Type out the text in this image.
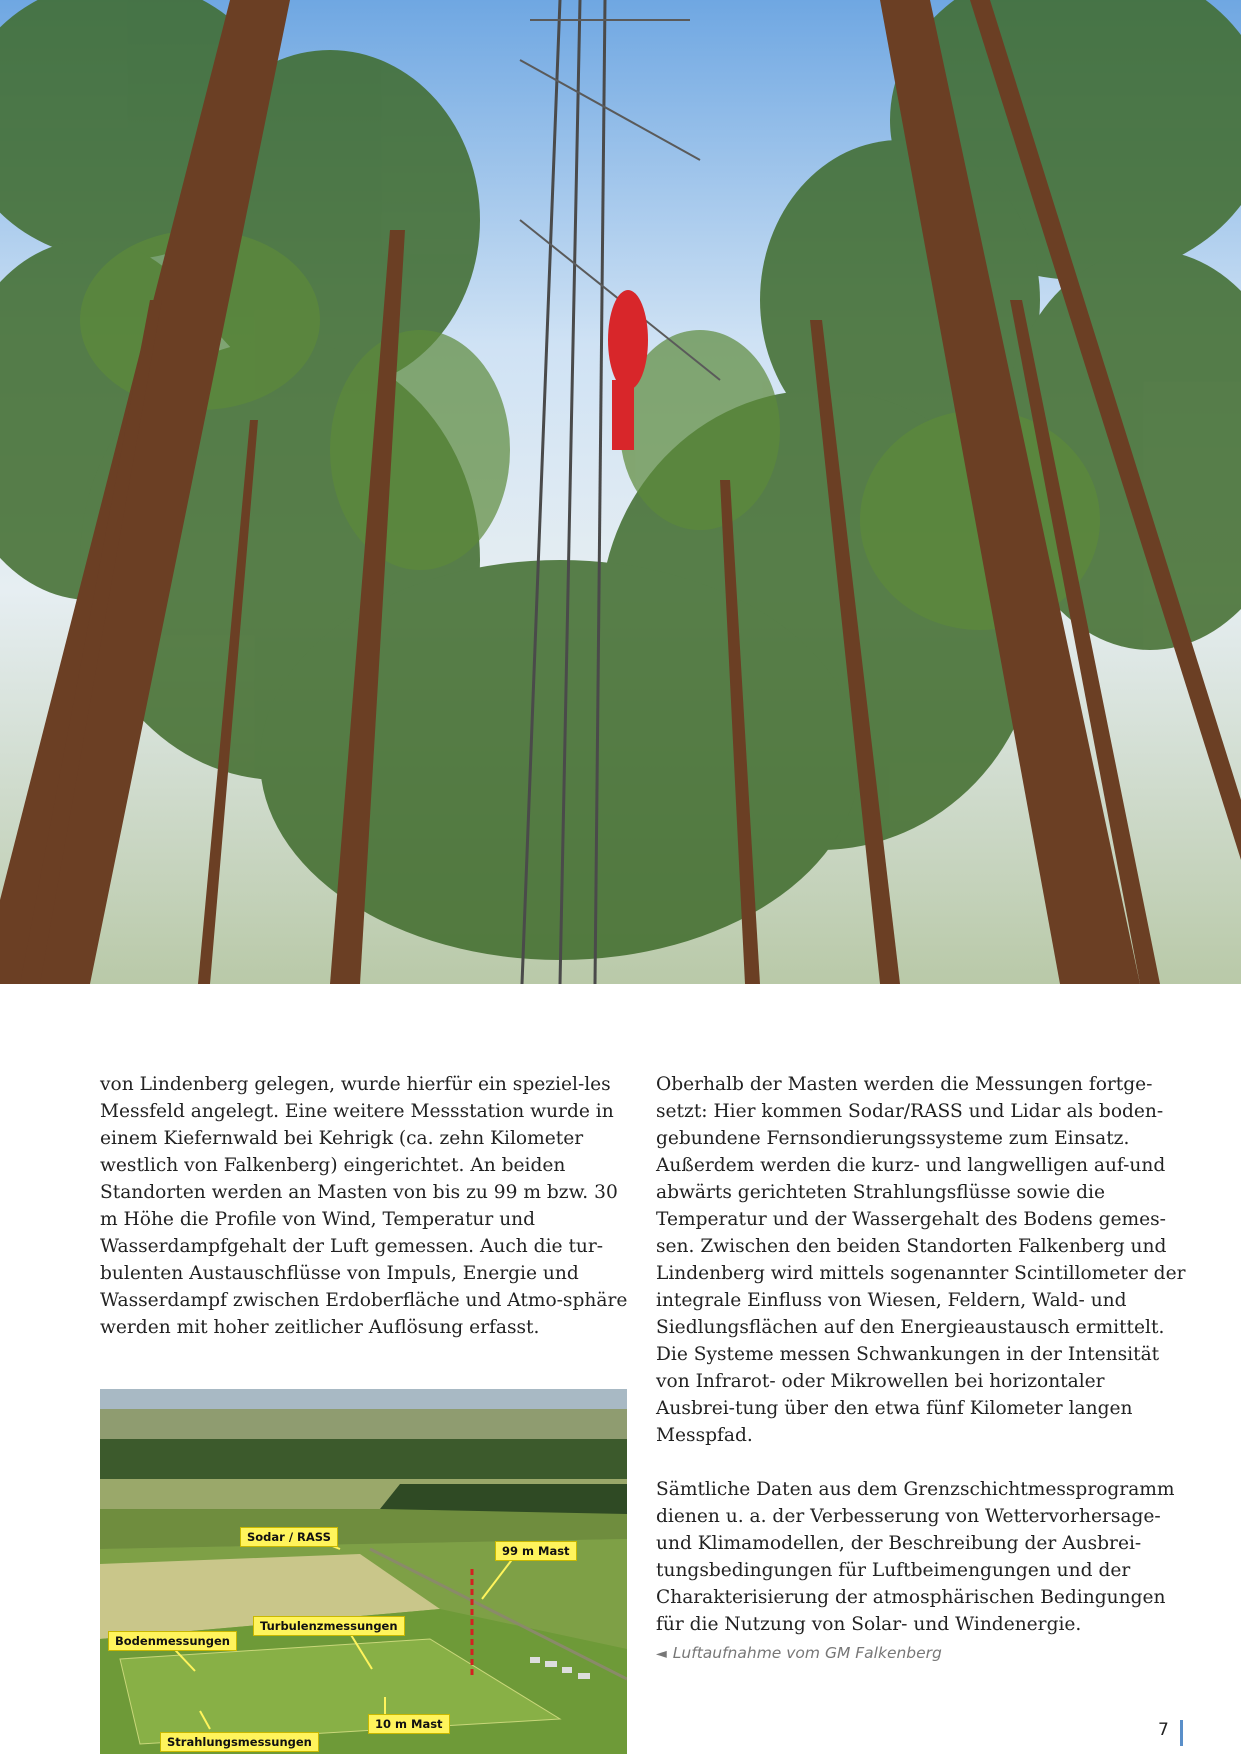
von Lindenberg gelegen, wurde hierfür ein speziel-les Messfeld angelegt. Eine weitere Messstation wurde in einem Kiefernwald bei Kehrigk (ca. zehn Kilometer westlich von Falkenberg) eingerichtet. An beiden Standorten werden an Masten von bis zu 99 m bzw. 30 m Höhe die Profile von Wind, Temperatur und Wasserdampfgehalt der Luft gemessen. Auch die tur-bulenten Austauschflüsse von Impuls, Energie und Wasserdampf zwischen Erdoberfläche und Atmo-sphäre werden mit hoher zeitlicher Auflösung erfasst.

Oberhalb der Masten werden die Messungen fortge-setzt: Hier kommen Sodar/RASS und Lidar als boden-gebundene Fernsondierungssysteme zum Einsatz. Außerdem werden die kurz- und langwelligen auf-und abwärts gerichteten Strahlungsflüsse sowie die Temperatur und der Wassergehalt des Bodens gemes-sen. Zwischen den beiden Standorten Falkenberg und Lindenberg wird mittels sogenannter Scintillometer der integrale Einfluss von Wiesen, Feldern, Wald- und Siedlungsflächen auf den Energieaustausch ermittelt. Die Systeme messen Schwankungen in der Intensität von Infrarot- oder Mikrowellen bei horizontaler Ausbrei-tung über den etwa fünf Kilometer langen Messpfad.

Sämtliche Daten aus dem Grenzschichtmessprogramm dienen u. a. der Verbesserung von Wettervorhersage-und Klimamodellen, der Beschreibung der Ausbrei-tungsbedingungen für Luftbeimengungen und der Charakterisierung der atmosphärischen Bedingungen für die Nutzung von Solar- und Windenergie.

Sodar / RASS
99 m Mast
Turbulenzmessungen
Bodenmessungen
10 m Mast
Strahlungsmessungen
◄ Luftaufnahme vom GM Falkenberg
7
